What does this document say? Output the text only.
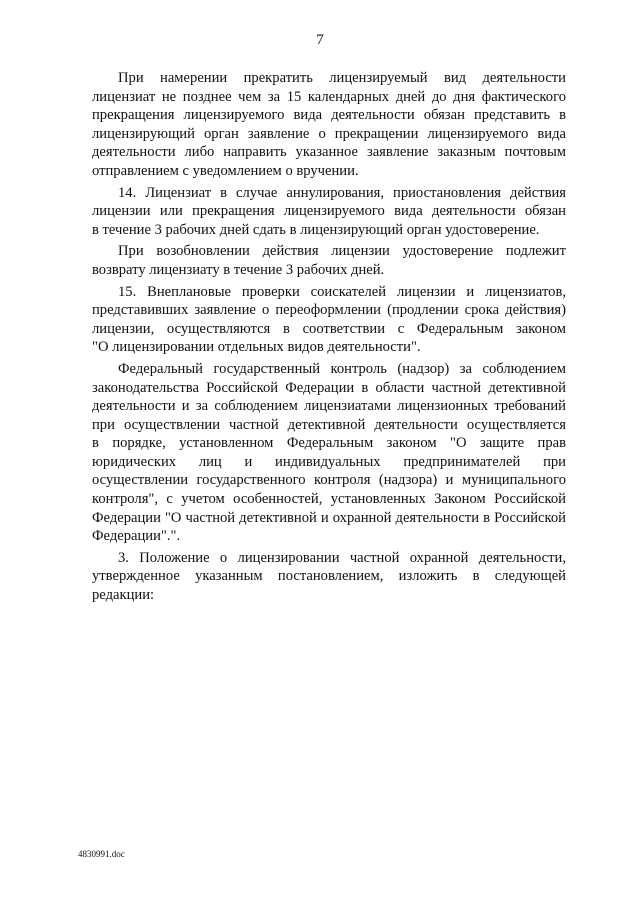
7
При намерении прекратить лицензируемый вид деятельности
лицензиат не позднее чем за 15 календарных дней до дня фактического
прекращения лицензируемого вида деятельности обязан представить в
лицензирующий орган заявление о прекращении лицензируемого вида
деятельности либо направить указанное заявление заказным почтовым
отправлением с уведомлением о вручении.
14. Лицензиат в случае аннулирования, приостановления действия
лицензии или прекращения лицензируемого вида деятельности обязан
в течение 3 рабочих дней сдать в лицензирующий орган удостоверение.
При возобновлении действия лицензии удостоверение подлежит
возврату лицензиату в течение 3 рабочих дней.
15. Внеплановые проверки соискателей лицензии и лицензиатов,
представивших заявление о переоформлении (продлении срока действия)
лицензии, осуществляются в соответствии с Федеральным законом
"О лицензировании отдельных видов деятельности".
Федеральный государственный контроль (надзор) за соблюдением
законодательства Российской Федерации в области частной детективной
деятельности и за соблюдением лицензиатами лицензионных требований
при осуществлении частной детективной деятельности осуществляется
в порядке, установленном Федеральным законом "О защите прав
юридических лиц и индивидуальных предпринимателей при
осуществлении государственного контроля (надзора) и муниципального
контроля", с учетом особенностей, установленных Законом Российской
Федерации "О частной детективной и охранной деятельности в Российской
Федерации".".
3. Положение о лицензировании частной охранной деятельности,
утвержденное указанным постановлением, изложить в следующей
редакции:
4830991.doc
